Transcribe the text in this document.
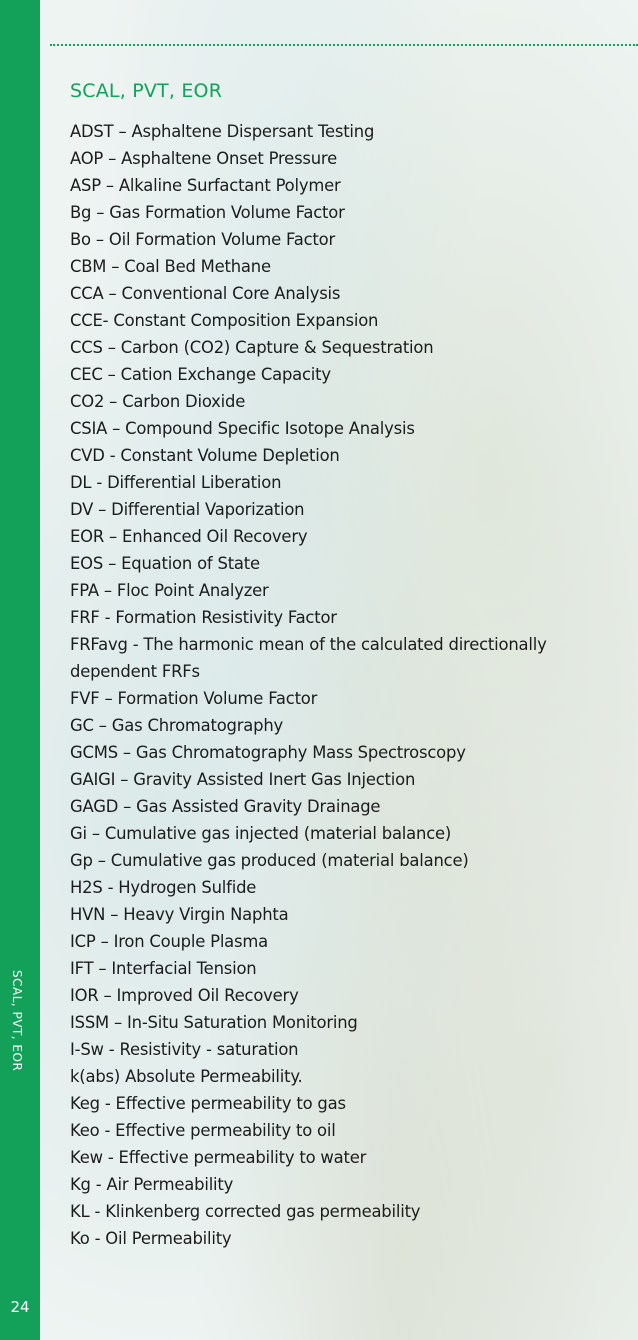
SCAL, PVT, EOR
24
SCAL, PVT, EOR
ADST – Asphaltene Dispersant Testing
AOP – Asphaltene Onset Pressure
ASP – Alkaline Surfactant Polymer
Bg – Gas Formation Volume Factor
Bo – Oil Formation Volume Factor
CBM – Coal Bed Methane
CCA – Conventional Core Analysis
CCE- Constant Composition Expansion
CCS – Carbon (CO2) Capture & Sequestration
CEC – Cation Exchange Capacity
CO2 – Carbon Dioxide
CSIA – Compound Specific Isotope Analysis
CVD - Constant Volume Depletion
DL - Differential Liberation
DV – Differential Vaporization
EOR – Enhanced Oil Recovery
EOS – Equation of State
FPA – Floc Point Analyzer
FRF - Formation Resistivity Factor
FRFavg - The harmonic mean of the calculated directionally dependent FRFs
FVF – Formation Volume Factor
GC – Gas Chromatography
GCMS – Gas Chromatography Mass Spectroscopy
GAIGI – Gravity Assisted Inert Gas Injection
GAGD – Gas Assisted Gravity Drainage
Gi – Cumulative gas injected (material balance)
Gp – Cumulative gas produced (material balance)
H2S - Hydrogen Sulfide
HVN – Heavy Virgin Naphta
ICP – Iron Couple Plasma
IFT – Interfacial Tension
IOR – Improved Oil Recovery
ISSM – In-Situ Saturation Monitoring
I-Sw - Resistivity - saturation
k(abs) Absolute Permeability.
Keg - Effective permeability to gas
Keo - Effective permeability to oil
Kew - Effective permeability to water
Kg - Air Permeability
KL - Klinkenberg corrected gas permeability
Ko - Oil Permeability
